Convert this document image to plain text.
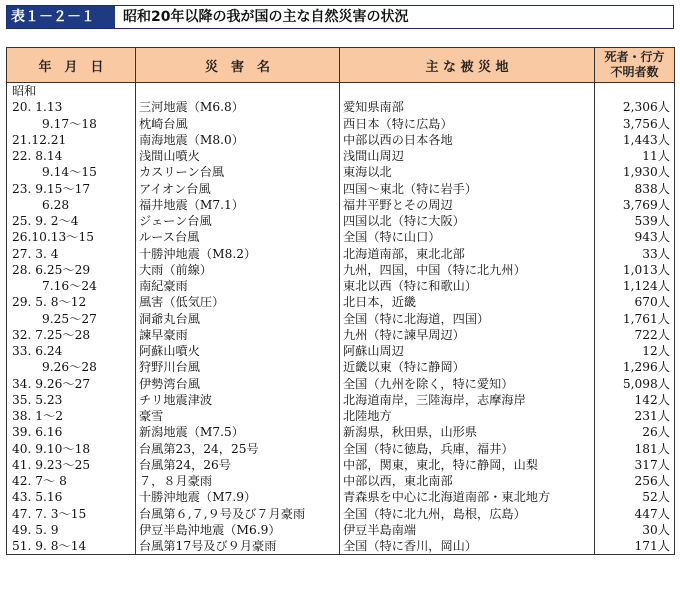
表１－２－１	昭和20年以降の我が国の主な自然災害の状況
年　月　日	災　害　名	主 な 被 災 地	死者・行方
不明者数
昭和			
20. 1.13	三河地震（M6.8）	愛知県南部	2,306人
9.17～18	枕崎台風	西日本（特に広島）	3,756人
21.12.21	南海地震（M8.0）	中部以西の日本各地	1,443人
22. 8.14	浅間山噴火	浅間山周辺	11人
9.14～15	カスリーン台風	東海以北	1,930人
23. 9.15～17	アイオン台風	四国～東北（特に岩手）	838人
6.28	福井地震（M7.1）	福井平野とその周辺	3,769人
25. 9. 2～4	ジェーン台風	四国以北（特に大阪）	539人
26.10.13～15	ルース台風	全国（特に山口）	943人
27. 3. 4	十勝沖地震（M8.2）	北海道南部，東北北部	33人
28. 6.25～29	大雨（前線）	九州，四国，中国（特に北九州）	1,013人
7.16～24	南紀豪雨	東北以西（特に和歌山）	1,124人
29. 5. 8～12	風害（低気圧）	北日本，近畿	670人
9.25～27	洞爺丸台風	全国（特に北海道，四国）	1,761人
32. 7.25～28	諫早豪雨	九州（特に諫早周辺）	722人
33. 6.24	阿蘇山噴火	阿蘇山周辺	12人
9.26～28	狩野川台風	近畿以東（特に静岡）	1,296人
34. 9.26～27	伊勢湾台風	全国（九州を除く，特に愛知）	5,098人
35. 5.23	チリ地震津波	北海道南岸，三陸海岸，志摩海岸	142人
38. 1～2	豪雪	北陸地方	231人
39. 6.16	新潟地震（M7.5）	新潟県，秋田県，山形県	26人
40. 9.10～18	台風第23，24，25号	全国（特に徳島，兵庫，福井）	181人
41. 9.23～25	台風第24，26号	中部，関東，東北，特に静岡，山梨	317人
42. 7～ 8	７，８月豪雨	中部以西，東北南部	256人
43. 5.16	十勝沖地震（M7.9）	青森県を中心に北海道南部・東北地方	52人
47. 7. 3～15	台風第６,７,９号及び７月豪雨	全国（特に北九州，島根，広島）	447人
49. 5. 9	伊豆半島沖地震（M6.9）	伊豆半島南端	30人
51. 9. 8～14	台風第17号及び９月豪雨	全国（特に香川，岡山）	171人
